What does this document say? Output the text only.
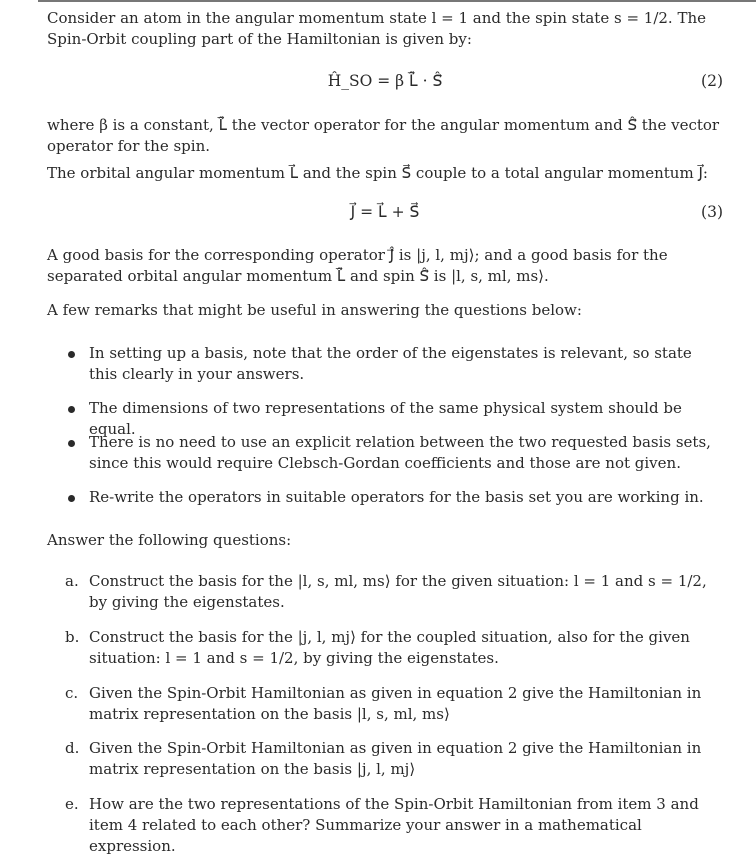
Consider an atom in the angular momentum state l = 1 and the spin state s = 1/2. The Spin-Orbit coupling part of the Hamiltonian is given by:

Ĥ_SO = β L̂⃗ · Ŝ⃗	(2)

where β is a constant, L̂⃗ the vector operator for the angular momentum and Ŝ⃗ the vector operator for the spin.

The orbital angular momentum L⃗ and the spin S⃗ couple to a total angular momentum J⃗:

J⃗ = L⃗ + S⃗	(3)

A good basis for the corresponding operator Ĵ⃗ is |j, l, mj⟩; and a good basis for the separated orbital angular momentum L̂⃗ and spin Ŝ⃗ is |l, s, ml, ms⟩.

A few remarks that might be useful in answering the questions below:

In setting up a basis, note that the order of the eigenstates is relevant, so state this clearly in your answers.

The dimensions of two representations of the same physical system should be equal.

There is no need to use an explicit relation between the two requested basis sets, since this would require Clebsch-Gordan coefficients and those are not given.

Re-write the operators in suitable operators for the basis set you are working in.

Answer the following questions:

a. Construct the basis for the |l, s, ml, ms⟩ for the given situation: l = 1 and s = 1/2, by giving the eigenstates.

b. Construct the basis for the |j, l, mj⟩ for the coupled situation, also for the given situation: l = 1 and s = 1/2, by giving the eigenstates.

c. Given the Spin-Orbit Hamiltonian as given in equation 2 give the Hamiltonian in matrix representation on the basis |l, s, ml, ms⟩

d. Given the Spin-Orbit Hamiltonian as given in equation 2 give the Hamiltonian in matrix representation on the basis |j, l, mj⟩

e. How are the two representations of the Spin-Orbit Hamiltonian from item 3 and item 4 related to each other? Summarize your answer in a mathematical expression.
